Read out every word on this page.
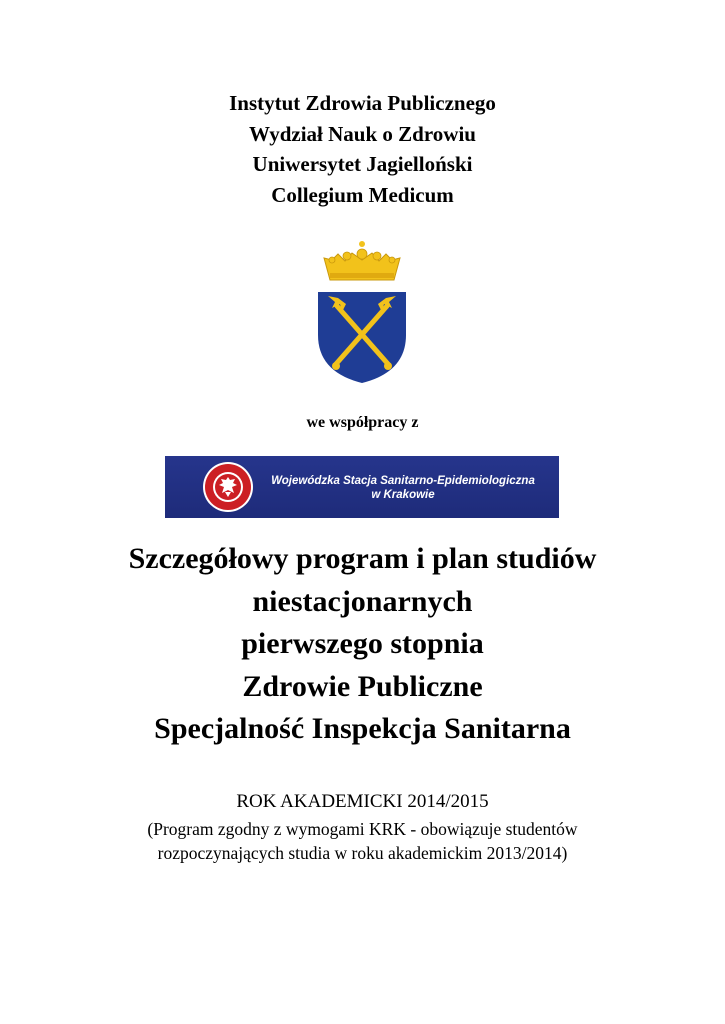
Instytut Zdrowia Publicznego
Wydział Nauk o Zdrowiu
Uniwersytet Jagielloński
Collegium Medicum
we współpracy z
Wojewódzka Stacja Sanitarno-Epidemiologiczna
w Krakowie
Szczegółowy program i plan studiów
niestacjonarnych
pierwszego stopnia
Zdrowie Publiczne
Specjalność Inspekcja Sanitarna
ROK AKADEMICKI 2014/2015
(Program zgodny z wymogami KRK - obowiązuje studentów
rozpoczynających studia w roku akademickim 2013/2014)
